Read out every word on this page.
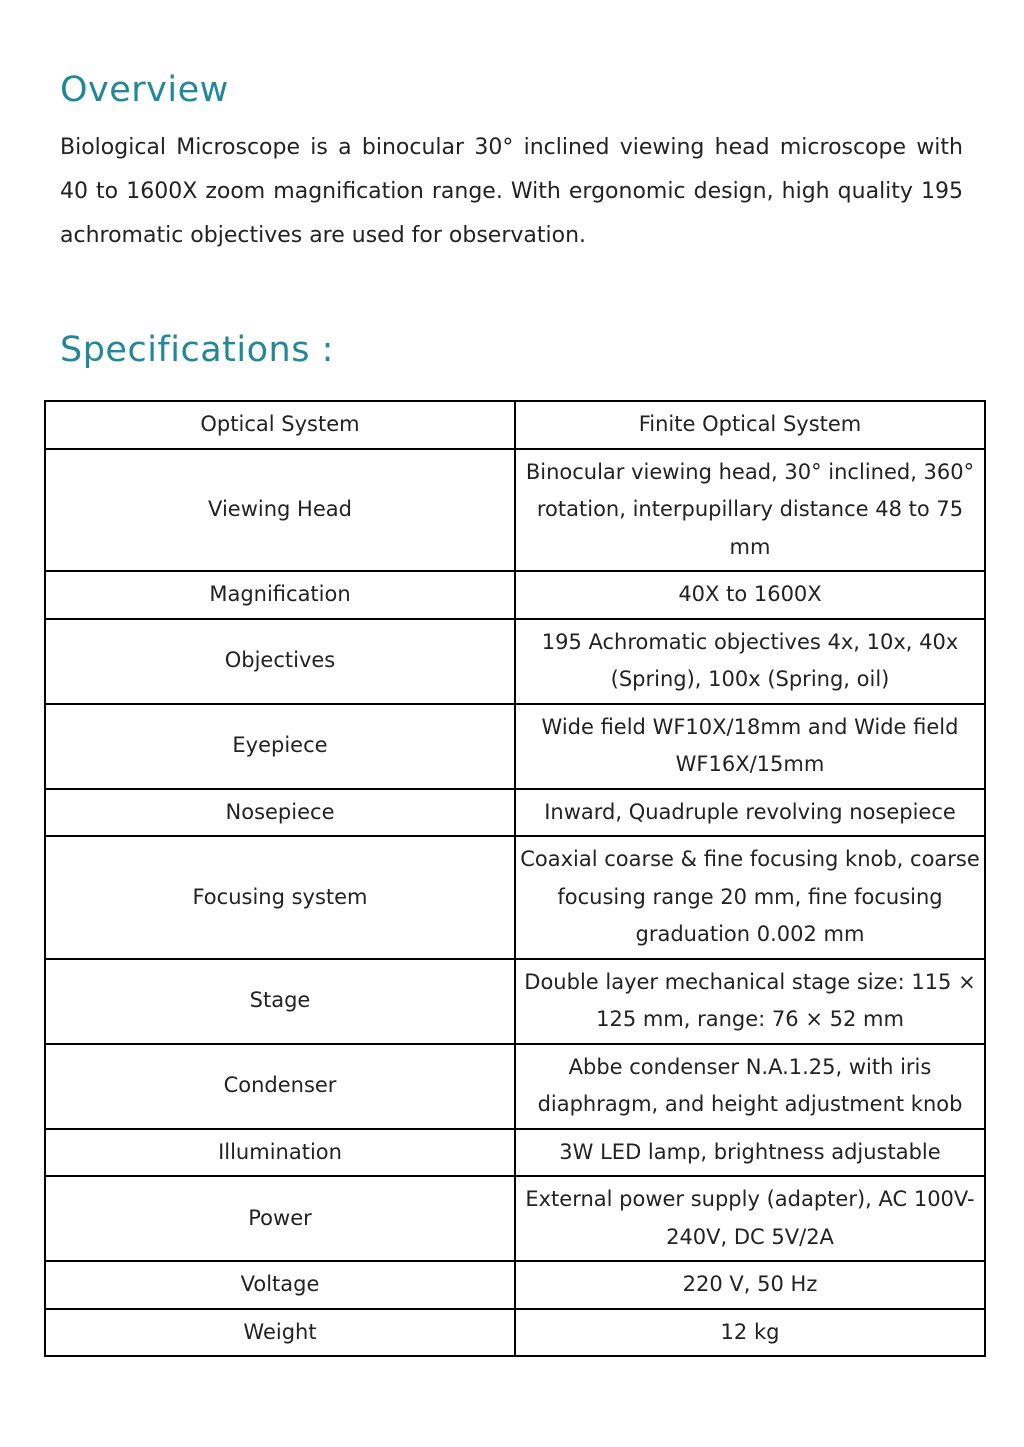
Overview

Biological Microscope is a binocular 30° inclined viewing head microscope with 40 to 1600X zoom magnification range. With ergonomic design, high quality 195 achromatic objectives are used for observation.

Specifications :
Optical System	Finite Optical System
Viewing Head	Binocular viewing head, 30° inclined, 360° rotation, interpupillary distance 48 to 75 mm
Magnification	40X to 1600X
Objectives	195 Achromatic objectives 4x, 10x, 40x (Spring), 100x (Spring, oil)
Eyepiece	Wide field WF10X/18mm and Wide field WF16X/15mm
Nosepiece	Inward, Quadruple revolving nosepiece
Focusing system	Coaxial coarse & fine focusing knob, coarse focusing range 20 mm, fine focusing graduation 0.002 mm
Stage	Double layer mechanical stage size: 115 × 125 mm, range: 76 × 52 mm
Condenser	Abbe condenser N.A.1.25, with iris diaphragm, and height adjustment knob
Illumination	3W LED lamp, brightness adjustable
Power	External power supply (adapter), AC 100V-240V, DC 5V/2A
Voltage	220 V, 50 Hz
Weight	12 kg
